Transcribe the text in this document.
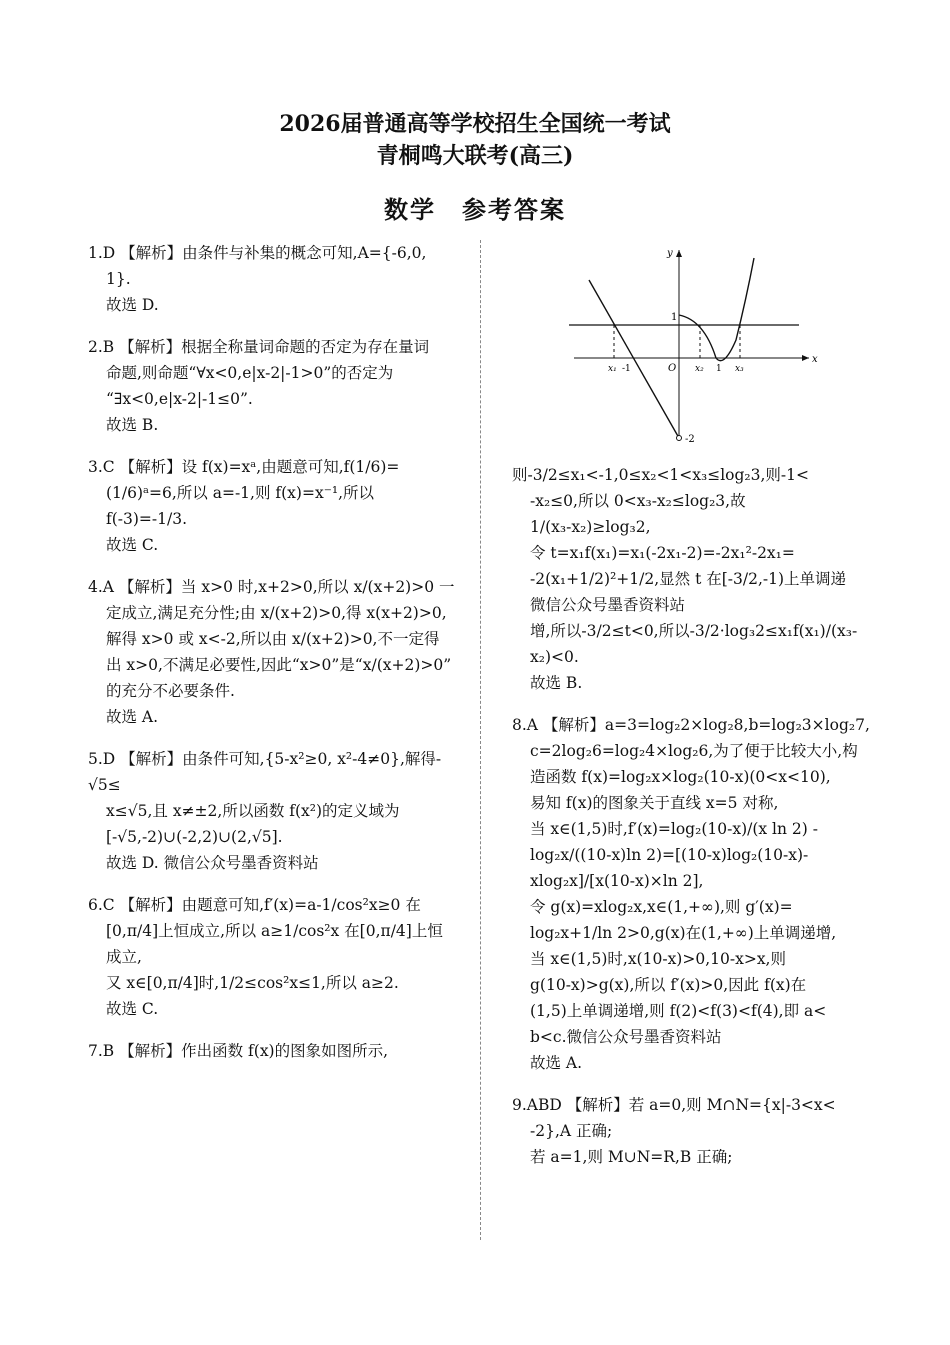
2026届普通高等学校招生全国统一考试
青桐鸣大联考(高三)
数学　参考答案
1.D 【解析】由条件与补集的概念可知,A={-6,0,
1}.
故选 D.
2.B 【解析】根据全称量词命题的否定为存在量词
命题,则命题“∀x<0,e|x-2|-1>0”的否定为
“∃x<0,e|x-2|-1≤0”.
故选 B.
3.C 【解析】设 f(x)=xᵃ,由题意可知,f(1/6)=
(1/6)ᵃ=6,所以 a=-1,则 f(x)=x⁻¹,所以
f(-3)=-1/3.
故选 C.
4.A 【解析】当 x>0 时,x+2>0,所以 x/(x+2)>0 一
定成立,满足充分性;由 x/(x+2)>0,得 x(x+2)>0,
解得 x>0 或 x<-2,所以由 x/(x+2)>0,不一定得
出 x>0,不满足必要性,因此“x>0”是“x/(x+2)>0”
的充分不必要条件.
故选 A.
5.D 【解析】由条件可知,{5-x²≥0, x²-4≠0},解得-√5≤
x≤√5,且 x≠±2,所以函数 f(x²)的定义域为
[-√5,-2)∪(-2,2)∪(2,√5].
故选 D. 微信公众号墨香资料站
6.C 【解析】由题意可知,f′(x)=a-1/cos²x≥0 在
[0,π/4]上恒成立,所以 a≥1/cos²x 在[0,π/4]上恒
成立,
又 x∈[0,π/4]时,1/2≤cos²x≤1,所以 a≥2.
故选 C.
7.B 【解析】作出函数 f(x)的图象如图所示,
y
x
1
O
x₁ -1	x₂ 1 x₃
-2
则-3/2≤x₁<-1,0≤x₂<1<x₃≤log₂3,则-1<
-x₂≤0,所以 0<x₃-x₂≤log₂3,故
1/(x₃-x₂)≥log₃2,
令 t=x₁f(x₁)=x₁(-2x₁-2)=-2x₁²-2x₁=
-2(x₁+1/2)²+1/2,显然 t 在[-3/2,-1)上单调递
微信公众号墨香资料站
增,所以-3/2≤t<0,所以-3/2·log₃2≤x₁f(x₁)/(x₃-x₂)<0.
故选 B.
8.A 【解析】a=3=log₂2×log₂8,b=log₂3×log₂7,
c=2log₂6=log₂4×log₂6,为了便于比较大小,构
造函数 f(x)=log₂x×log₂(10-x)(0<x<10),
易知 f(x)的图象关于直线 x=5 对称,
当 x∈(1,5)时,f′(x)=log₂(10-x)/(x ln 2) -
log₂x/((10-x)ln 2)=[(10-x)log₂(10-x)-xlog₂x]/[x(10-x)×ln 2],
令 g(x)=xlog₂x,x∈(1,+∞),则 g′(x)=
log₂x+1/ln 2>0,g(x)在(1,+∞)上单调递增,
当 x∈(1,5)时,x(10-x)>0,10-x>x,则
g(10-x)>g(x),所以 f′(x)>0,因此 f(x)在
(1,5)上单调递增,则 f(2)<f(3)<f(4),即 a<
b<c.微信公众号墨香资料站
故选 A.
9.ABD 【解析】若 a=0,则 M∩N={x|-3<x<
-2},A 正确;
若 a=1,则 M∪N=R,B 正确;
